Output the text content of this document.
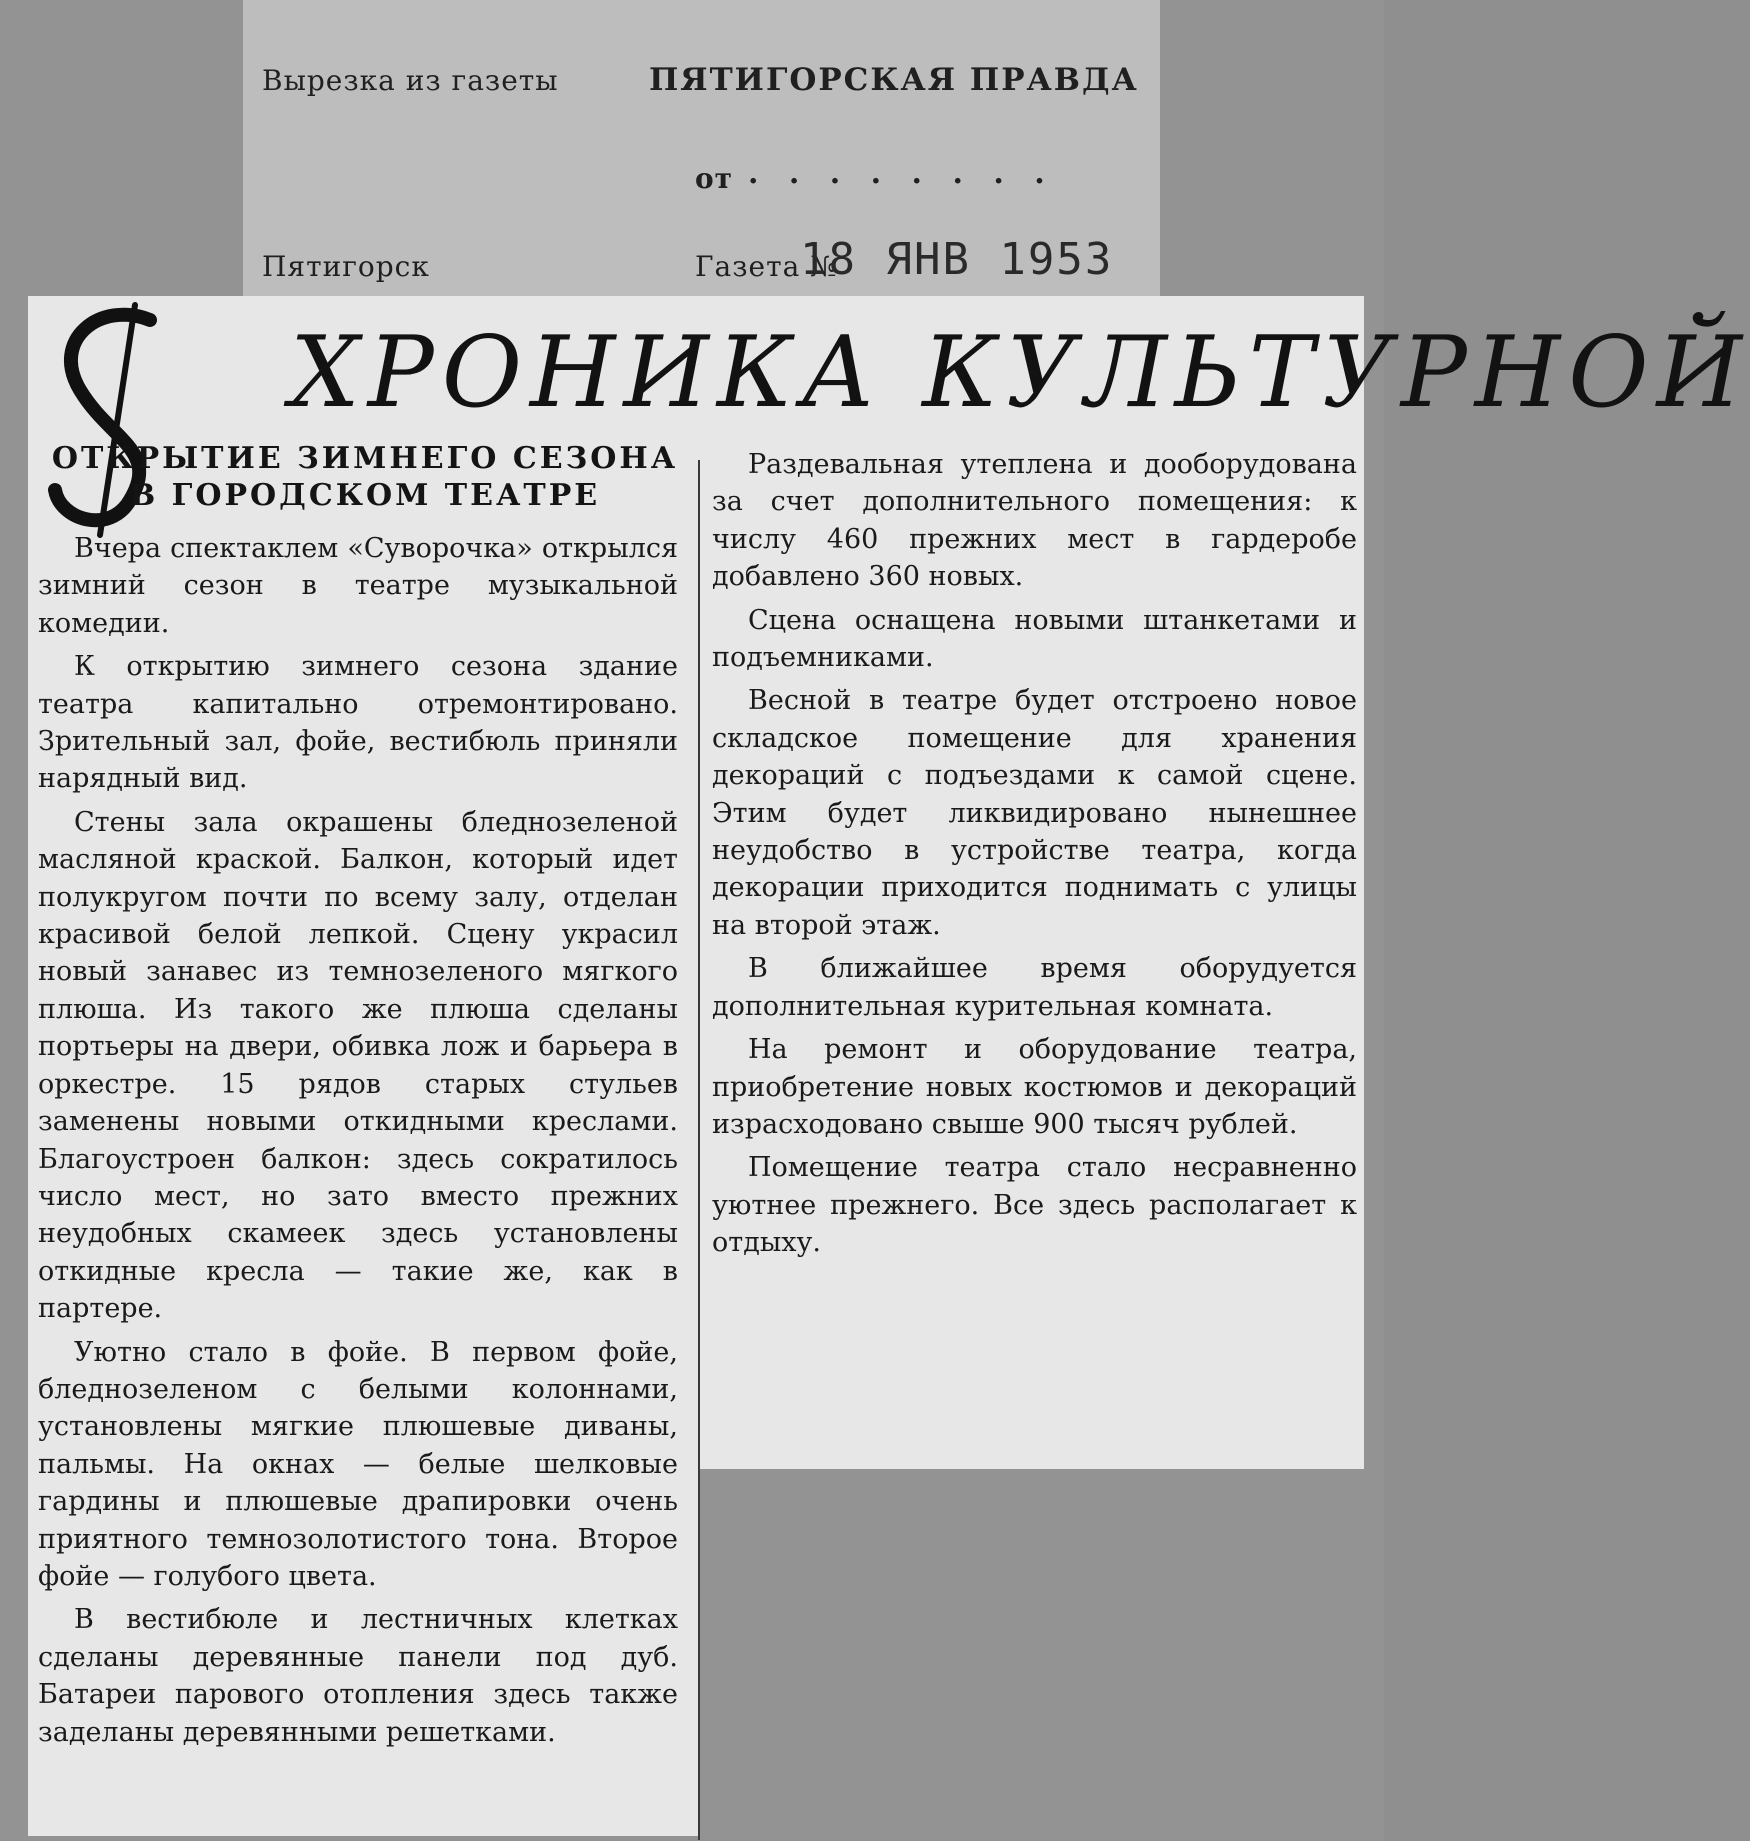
Вырезка из газеты	ПЯТИГОРСКАЯ ПРАВДА
от . . . . . . . .
Пятигорск	Газета №
18 ЯНВ 1953
ХРОНИКА КУЛЬТУРНОЙ
ОТКРЫТИЕ ЗИМНЕГО СЕЗОНА
В ГОРОДСКОМ ТЕАТРЕ

Вчера спектаклем «Суворочка» открылся зимний сезон в театре музыкальной комедии.

К открытию зимнего сезона здание театра капитально отремонтировано. Зрительный зал, фойе, вестибюль приняли нарядный вид.

Стены зала окрашены бледнозеленой масляной краской. Балкон, который идет полукругом почти по всему залу, отделан красивой белой лепкой. Сцену украсил новый занавес из темнозеленого мягкого плюша. Из такого же плюша сделаны портьеры на двери, обивка лож и барьера в оркестре. 15 рядов старых стульев заменены новыми откидными креслами. Благоустроен балкон: здесь сократилось число мест, но зато вместо прежних неудобных скамеек здесь установлены откидные кресла — такие же, как в партере.

Уютно стало в фойе. В первом фойе, бледнозеленом с белыми колоннами, установлены мягкие плюшевые диваны, пальмы. На окнах — белые шелковые гардины и плюшевые драпировки очень приятного темнозолотистого тона. Второе фойе — голубого цвета.

В вестибюле и лестничных клетках сделаны деревянные панели под дуб. Батареи парового отопления здесь также заделаны деревянными решетками.

Раздевальная утеплена и дооборудована за счет дополнительного помещения: к числу 460 прежних мест в гардеробе добавлено 360 новых.

Сцена оснащена новыми штанкетами и подъемниками.

Весной в театре будет отстроено новое складское помещение для хранения декораций с подъездами к самой сцене. Этим будет ликвидировано нынешнее неудобство в устройстве театра, когда декорации приходится поднимать с улицы на второй этаж.

В ближайшее время оборудуется дополнительная курительная комната.

На ремонт и оборудование театра, приобретение новых костюмов и декораций израсходовано свыше 900 тысяч рублей.

Помещение театра стало несравненно уютнее прежнего. Все здесь располагает к отдыху.
